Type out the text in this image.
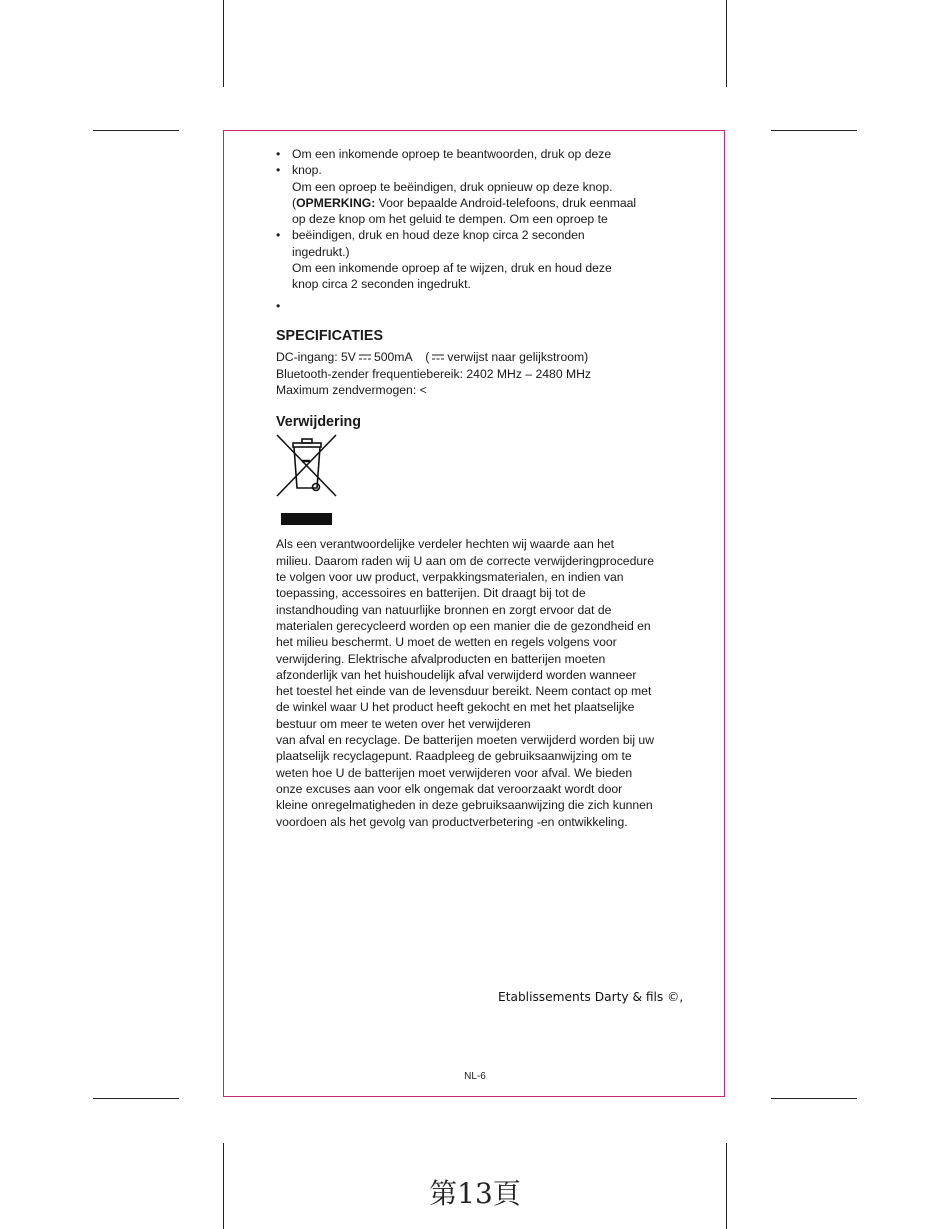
• Om een inkomende oproep te beantwoorden, druk op deze
• knop.
Om een oproep te beëindigen, druk opnieuw op deze knop.
(OPMERKING: Voor bepaalde Android-telefoons, druk eenmaal
op deze knop om het geluid te dempen. Om een oproep te
• beëindigen, druk en houd deze knop circa 2 seconden
ingedrukt.)
Om een inkomende oproep af te wijzen, druk en houd deze
knop circa 2 seconden ingedrukt.
•
SPECIFICATIES
DC-ingang: 5V 500mA ( verwijst naar gelijkstroom)
Bluetooth-zender frequentiebereik: 2402 MHz – 2480 MHz
Maximum zendvermogen: <
Verwijdering
Als een verantwoordelijke verdeler hechten wij waarde aan het
milieu. Daarom raden wij U aan om de correcte verwijderingprocedure
te volgen voor uw product, verpakkingsmaterialen, en indien van
toepassing, accessoires en batterijen. Dit draagt bij tot de
instandhouding van natuurlijke bronnen en zorgt ervoor dat de
materialen gerecycleerd worden op een manier die de gezondheid en
het milieu beschermt. U moet de wetten en regels volgens voor
verwijdering. Elektrische afvalproducten en batterijen moeten
afzonderlijk van het huishoudelijk afval verwijderd worden wanneer
het toestel het einde van de levensduur bereikt. Neem contact op met
de winkel waar U het product heeft gekocht en met het plaatselijke
bestuur om meer te weten over het verwijderen
van afval en recyclage. De batterijen moeten verwijderd worden bij uw
plaatselijk recyclagepunt. Raadpleeg de gebruiksaanwijzing om te
weten hoe U de batterijen moet verwijderen voor afval. We bieden
onze excuses aan voor elk ongemak dat veroorzaakt wordt door
kleine onregelmatigheden in deze gebruiksaanwijzing die zich kunnen
voordoen als het gevolg van productverbetering -en ontwikkeling.
Etablissements Darty & fils ©,
NL-6
第13頁
